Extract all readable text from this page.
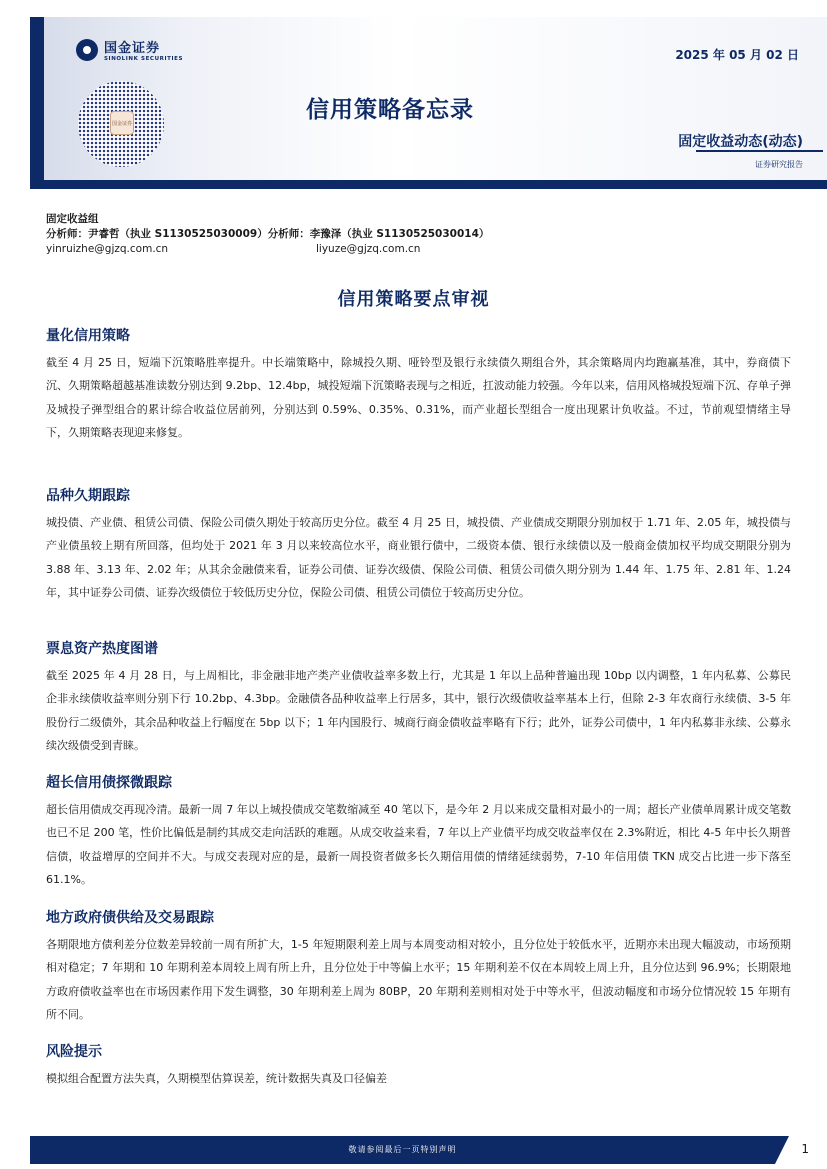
国金证券
SINOLINK SECURITIES
国金证券
信用策略备忘录
2025 年 05 月 02 日
固定收益动态(动态)
证券研究报告
固定收益组
分析师：尹睿哲（执业 S1130525030009）分析师：李豫泽（执业 S1130525030014）
yinruizhe@gjzq.com.cn	liyuze@gjzq.com.cn
信用策略要点审视
量化信用策略
截至 4 月 25 日，短端下沉策略胜率提升。中长端策略中，除城投久期、哑铃型及银行永续债久期组合外，其余策略周内均跑赢基准，其中，券商债下沉、久期策略超越基准读数分别达到 9.2bp、12.4bp，城投短端下沉策略表现与之相近，扛波动能力较强。今年以来，信用风格城投短端下沉、存单子弹及城投子弹型组合的累计综合收益位居前列，分别达到 0.59%、0.35%、0.31%，而产业超长型组合一度出现累计负收益。不过，节前观望情绪主导下，久期策略表现迎来修复。
品种久期跟踪
城投债、产业债、租赁公司债、保险公司债久期处于较高历史分位。截至 4 月 25 日，城投债、产业债成交期限分别加权于 1.71 年、2.05 年，城投债与产业债虽较上期有所回落，但均处于 2021 年 3 月以来较高位水平，商业银行债中，二级资本债、银行永续债以及一般商金债加权平均成交期限分别为 3.88 年、3.13 年、2.02 年；从其余金融债来看，证券公司债、证券次级债、保险公司债、租赁公司债久期分别为 1.44 年、1.75 年、2.81 年、1.24 年，其中证券公司债、证券次级债位于较低历史分位，保险公司债、租赁公司债位于较高历史分位。
票息资产热度图谱
截至 2025 年 4 月 28 日，与上周相比，非金融非地产类产业债收益率多数上行，尤其是 1 年以上品种普遍出现 10bp 以内调整，1 年内私募、公募民企非永续债收益率则分别下行 10.2bp、4.3bp。金融债各品种收益率上行居多，其中，银行次级债收益率基本上行，但除 2-3 年农商行永续债、3-5 年股份行二级债外，其余品种收益上行幅度在 5bp 以下；1 年内国股行、城商行商金债收益率略有下行；此外，证券公司债中，1 年内私募非永续、公募永续次级债受到青睐。
超长信用债探微跟踪
超长信用债成交再现冷清。最新一周 7 年以上城投债成交笔数缩减至 40 笔以下，是今年 2 月以来成交量相对最小的一周；超长产业债单周累计成交笔数也已不足 200 笔，性价比偏低是制约其成交走向活跃的难题。从成交收益来看，7 年以上产业债平均成交收益率仅在 2.3%附近，相比 4-5 年中长久期普信债，收益增厚的空间并不大。与成交表现对应的是，最新一周投资者做多长久期信用债的情绪延续弱势，7-10 年信用债 TKN 成交占比进一步下落至 61.1%。
地方政府债供给及交易跟踪
各期限地方债利差分位数差异较前一周有所扩大，1-5 年短期限利差上周与本周变动相对较小，且分位处于较低水平，近期亦未出现大幅波动，市场预期相对稳定；7 年期和 10 年期利差本周较上周有所上升，且分位处于中等偏上水平；15 年期利差不仅在本周较上周上升，且分位达到 96.9%；长期限地方政府债收益率也在市场因素作用下发生调整，30 年期利差上周为 80BP，20 年期利差则相对处于中等水平，但波动幅度和市场分位情况较 15 年期有所不同。
风险提示
模拟组合配置方法失真，久期模型估算误差，统计数据失真及口径偏差
敬请参阅最后一页特别声明	1
